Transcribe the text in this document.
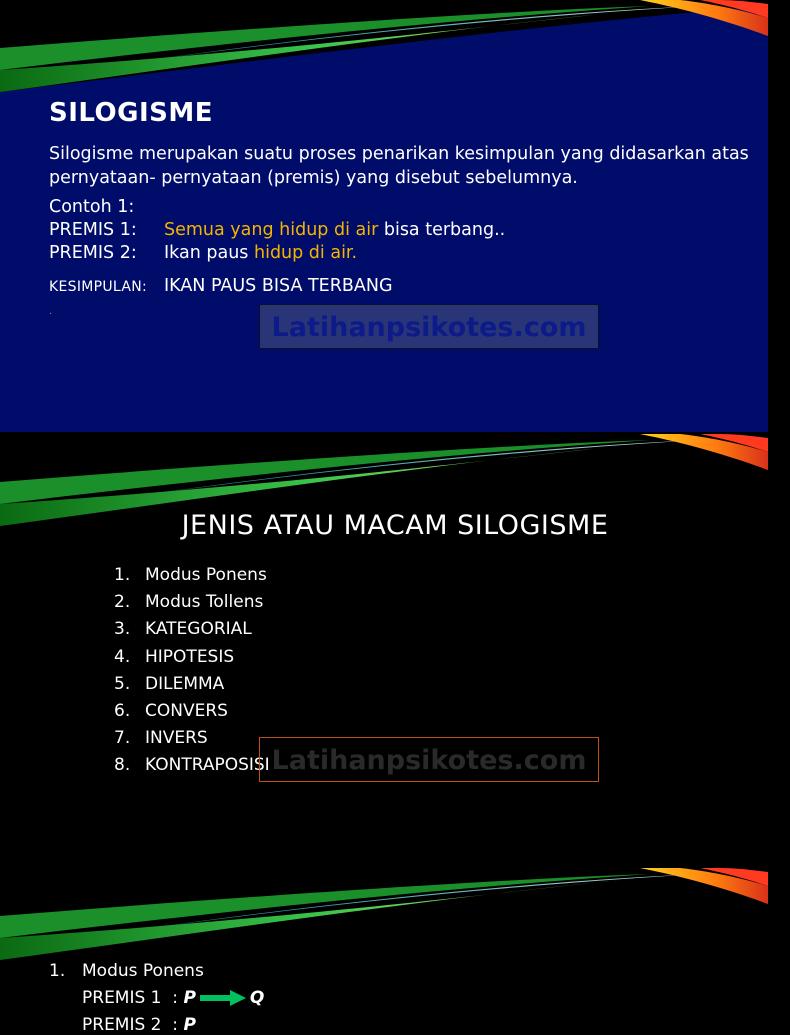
SILOGISME
Silogisme merupakan suatu proses penarikan kesimpulan yang didasarkan atas pernyataan- pernyataan (premis) yang disebut sebelumnya.
Contoh 1:
PREMIS 1: Semua yang hidup di air bisa terbang..
PREMIS 2: Ikan paus hidup di air.
KESIMPULAN: IKAN PAUS BISA TERBANG
.
Latihanpsikotes.com
JENIS ATAU MACAM SILOGISME
1. Modus Ponens
2. Modus Tollens
3. KATEGORIAL
4. HIPOTESIS
5. DILEMMA
6. CONVERS
7. INVERS
8. KONTRAPOSISI Latihanpsikotes.com
1. Modus Ponens
PREMIS 1  : P	Q
PREMIS 2  : P
